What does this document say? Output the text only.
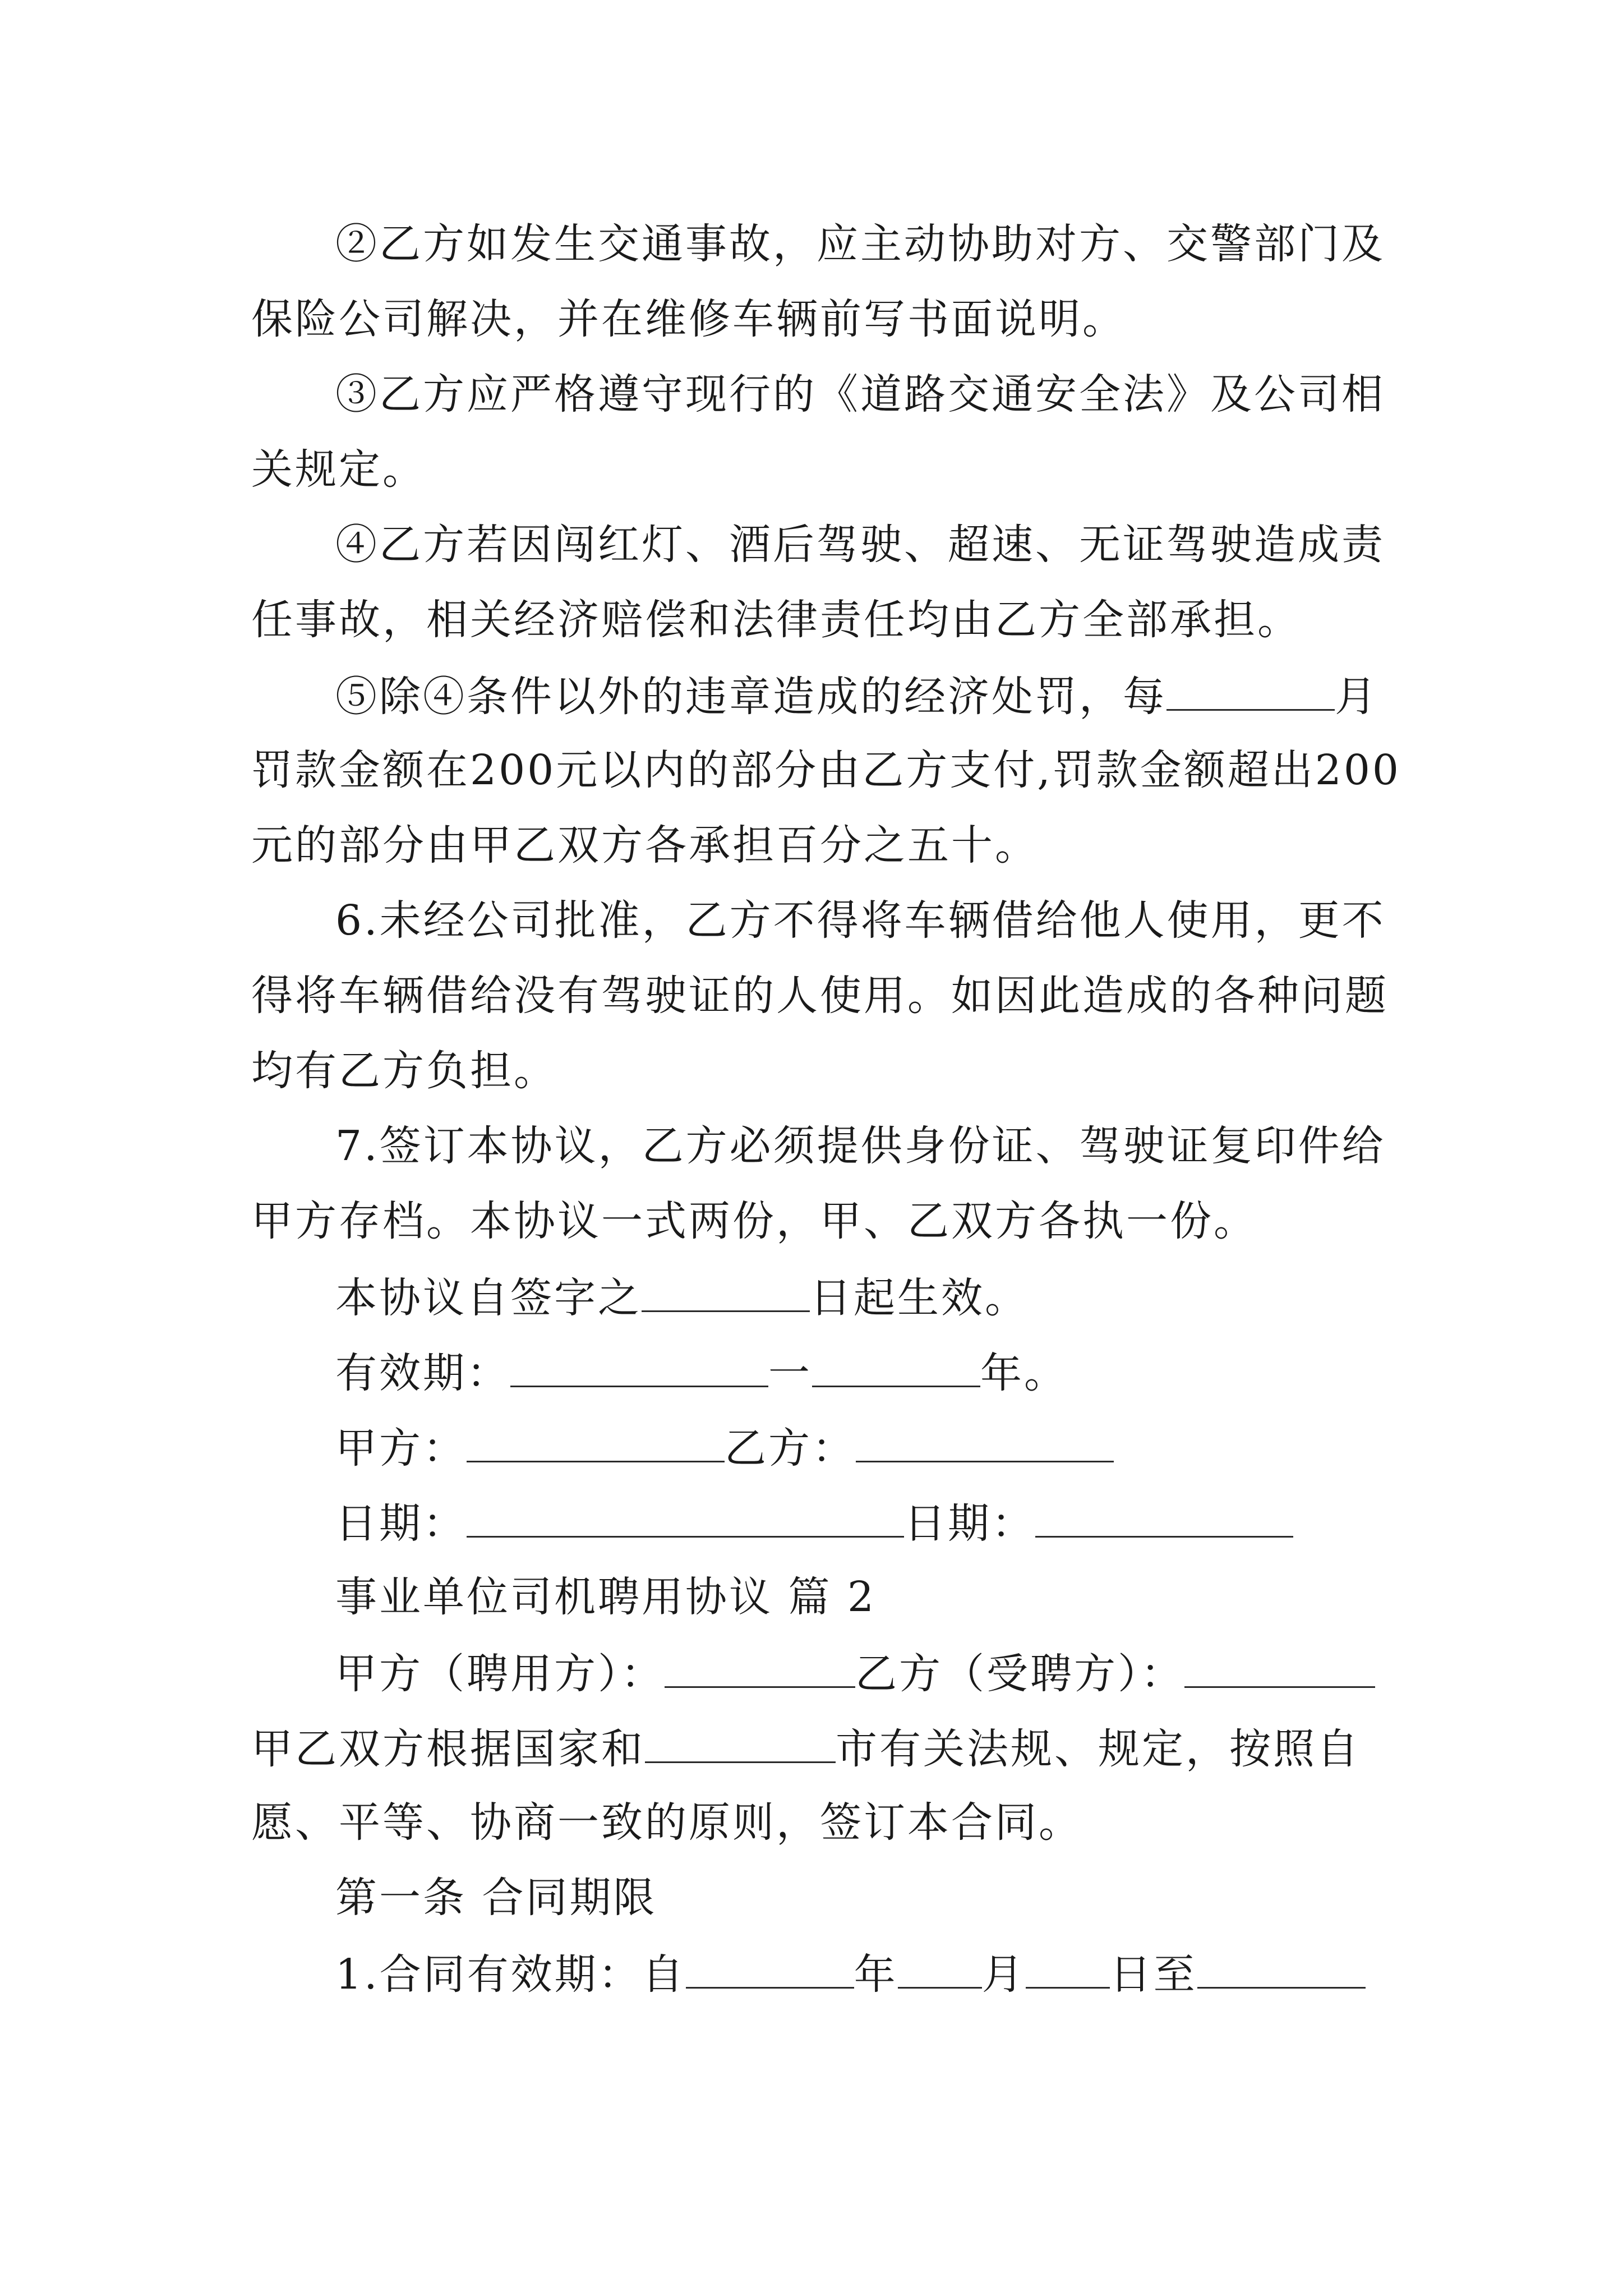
②乙方如发生交通事故，应主动协助对方、交警部门及
保险公司解决，并在维修车辆前写书面说明。
③乙方应严格遵守现行的《道路交通安全法》及公司相
关规定。
④乙方若因闯红灯、酒后驾驶、超速、无证驾驶造成责
任事故，相关经济赔偿和法律责任均由乙方全部承担。
⑤除④条件以外的违章造成的经济处罚，每	月
罚款金额在200元以内的部分由乙方支付,罚款金额超出200
元的部分由甲乙双方各承担百分之五十。
6.未经公司批准，乙方不得将车辆借给他人使用，更不
得将车辆借给没有驾驶证的人使用。如因此造成的各种问题
均有乙方负担。
7.签订本协议，乙方必须提供身份证、驾驶证复印件给
甲方存档。本协议一式两份，甲、乙双方各执一份。
本协议自签字之	日起生效。
有效期：	一	年。
甲方：	乙方：
日期：	日期：
事业单位司机聘用协议 篇 2
甲方（聘用方）：	乙方（受聘方）：
甲乙双方根据国家和	市有关法规、规定，按照自
愿、平等、协商一致的原则，签订本合同。
第一条 合同期限
1.合同有效期：自	年 月 日至
